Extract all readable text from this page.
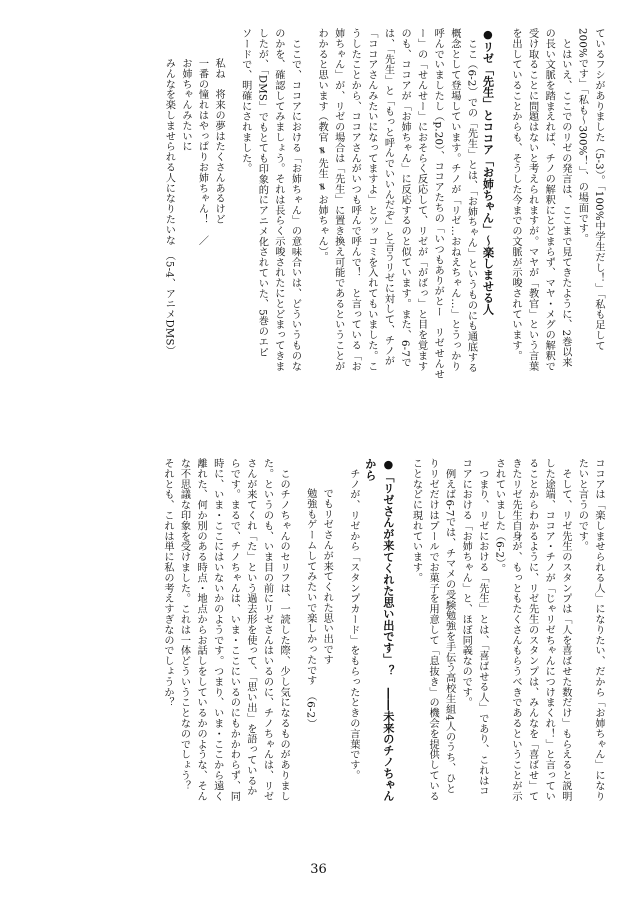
ているフシがありました（5-3）。「100%中学生だし！」「私も足して
200%です」「私も～300%！」、の場面です。
　とはいえ、ここでのリゼの発言は、ここまで見てきたように、2巻以来
の長い文脈を踏まえれば、チノの解釈にとどまらず、マヤ・メグの解釈で
受け取ることに問題はないと考えられますが。マヤが「教官」という言葉
を出していることからも、そうした今までの文脈が示唆されています。
●リゼ「先生」とココア「お姉ちゃん」～楽しませる人
　ここ（6-2）での「先生」とは、「お姉ちゃん」というものにも通底する
概念として登場しています。チノが「リゼ…おねえちゃん…」とうっかり
呼んでいましたし（p.20）、ココアたちの「いつもありがとー　リゼせんせ
ー」の「せんせー」におそらく反応して、リゼが「がばっ」と目を覚ます
のも、ココアが「お姉ちゃん」に反応するのと似ています。また、6-7で
は、「先生」と「もっと呼んでいいんだぞ」と言うリゼに対して、チノが
「ココアさんみたいになってますよ」とツッコミを入れてもいました。こ
うしたことから、ココアさんがいつも呼んで呼んで！　と言っている「お
姉ちゃん」が、リゼの場合は「先生」に置き換え可能であるということが
わかると思います（教官 ≠ 先生 ≠ お姉ちゃん）。
　ここで、ココアにおける「お姉ちゃん」の意味合いは、どういうものな
のかを、確認してみましょう。それは長らく示唆されたにとどまってきま
したが、「DMS」でもとても印象的にアニメ化されていた、5巻のエピ
ソードで、明確にされました。
私ね　将来の夢はたくさんあるけど
一番の憧れはやっぱりお姉ちゃん！　／
お姉ちゃんみたいに
みんなを楽しませられる人になりたいな　（5-4、アニメDMS）
ココアは「楽しませられる人」になりたい、だから「お姉ちゃん」になり
たいと言うのです。
　そして、リゼ先生のスタンプは「人を喜ばせた数だけ」もらえると説明
した途端、ココア・チノが「じゃリゼちゃんにつけまくれ！」と言ってい
ることからわかるように、リゼ先生のスタンプは、みんなを「喜ばせ」て
きたリゼ先生自身が、もっともたくさんもらうべきであるということが示
されていました（6-2）。
　つまり、リゼにおける「先生」とは、「喜ばせる人」であり、これはコ
コアにおける「お姉ちゃん」と、ほぼ同義なのです。
　例えば6-7では、チマメの受験勉強を手伝う高校生組4人のうち、ひと
りリゼだけはプールでお菓子を用意して「息抜き」の機会を提供している
ことなどに現れています。
●「リゼさんが来てくれた思い出です」？　――未来のチノちゃん
から
　チノが、リゼから「スタンプカード」をもらったときの言葉です。
でもリゼさんが来てくれた思い出です
勉強もゲームしてみたいで楽しかったです　（6-2）
　このチノちゃんのセリフは、一読した際、少し気になるものがありまし
た。というのも、いま目の前にリゼさんはいるのに、チノちゃんは、リゼ
さんが来てくれ「た」という過去形を使って、「思い出」を語っているか
らです。まるで、チノちゃんは、いま・ここにいるのにもかかわらず、同
時に、いま・ここにはいないかのようです。つまり、いま・ここから遠く
離れた、何か別のある時点・地点からお話しをしているかのような、そん
な不思議な印象を受けました。これは一体どういうことなのでしょう？
それとも、これは単に私の考えすぎなのでしょうか？
36
